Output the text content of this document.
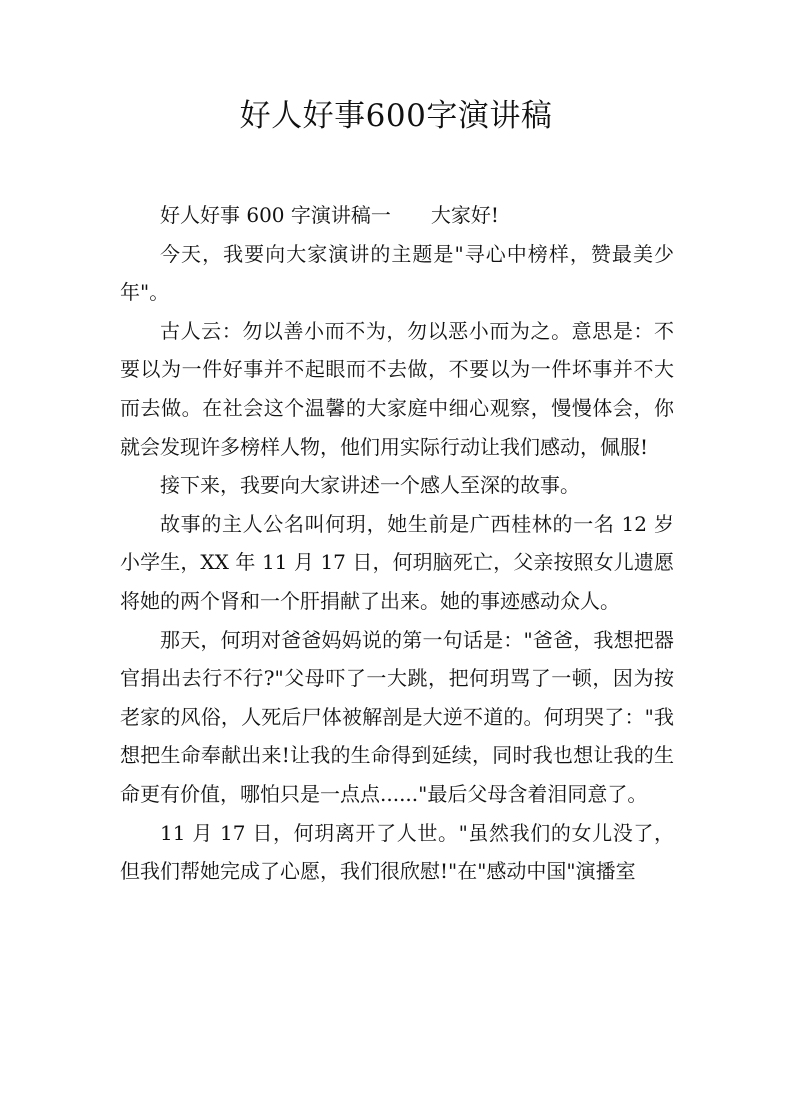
好人好事600字演讲稿

好人好事 600 字演讲稿一 大家好!

今天，我要向大家演讲的主题是"寻心中榜样，赞最美少年"。

古人云：勿以善小而不为，勿以恶小而为之。意思是：不要以为一件好事并不起眼而不去做，不要以为一件坏事并不大而去做。在社会这个温馨的大家庭中细心观察，慢慢体会，你就会发现许多榜样人物，他们用实际行动让我们感动，佩服!

接下来，我要向大家讲述一个感人至深的故事。

故事的主人公名叫何玥，她生前是广西桂林的一名 12 岁小学生，XX 年 11 月 17 日，何玥脑死亡，父亲按照女儿遗愿将她的两个肾和一个肝捐献了出来。她的事迹感动众人。

那天，何玥对爸爸妈妈说的第一句话是："爸爸，我想把器官捐出去行不行?"父母吓了一大跳，把何玥骂了一顿，因为按老家的风俗，人死后尸体被解剖是大逆不道的。何玥哭了："我想把生命奉献出来!让我的生命得到延续，同时我也想让我的生命更有价值，哪怕只是一点点......"最后父母含着泪同意了。

11 月 17 日，何玥离开了人世。"虽然我们的女儿没了，但我们帮她完成了心愿，我们很欣慰!"在"感动中国"演播室
